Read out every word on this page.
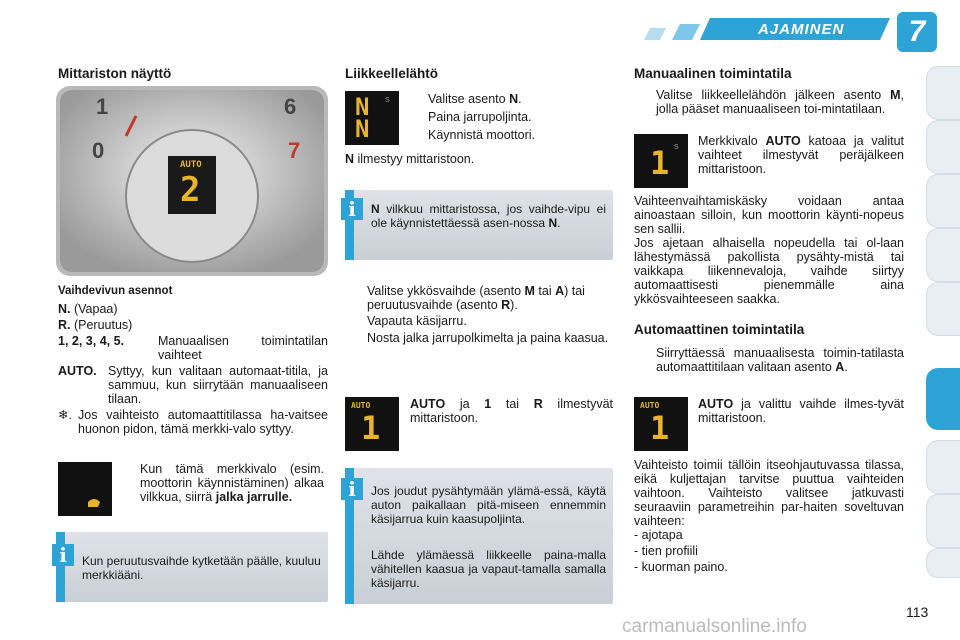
AJAMINEN	7
Mittariston näyttö
1
0
6
7
AUTO
2
Vaihdevivun asennot
N. (Vapaa)
R. (Peruutus)
1, 2, 3, 4, 5.	Manuaalisen toimintatilan vaihteet
AUTO. Syttyy, kun valitaan automaat-titila, ja sammuu, kun siirrytään manuaaliseen tilaan.
❄. Jos vaihteisto automaattitilassa ha-vaitsee huonon pidon, tämä merkki-valo syttyy.
Kun tämä merkkivalo (esim. moottorin käynnistäminen) alkaa vilkkua, siirrä jalka jarrulle.
Kun peruutusvaihde kytketään päälle, kuuluu merkkiääni.
i
Liikkeellelähtö
N
N
S	Valitse asento N.
Paina jarrupoljinta.
Käynnistä moottori.
N ilmestyy mittaristoon.
N vilkkuu mittaristossa, jos vaihde-vipu ei ole käynnistettäessä asen-nossa N.
i
Valitse ykkösvaihde (asento M tai A) tai peruutusvaihde (asento R).
Vapauta käsijarru.
Nosta jalka jarrupolkimelta ja paina kaasua.
AUTO
1
AUTO ja 1 tai R ilmestyvät mittaristoon.
Jos joudut pysähtymään ylämä-essä, käytä auton paikallaan pitä-miseen ennemmin käsijarrua kuin kaasupoljinta.
Lähde ylämäessä liikkeelle paina-malla vähitellen kaasua ja vapaut-tamalla samalla käsijarru.
i
Manuaalinen toimintatila
Valitse liikkeellelähdön jälkeen asento M, jolla pääset manuaaliseen toi-mintatilaan.
1 S Merkkivalo AUTO katoaa ja valitut vaihteet ilmestyvät peräjälkeen mittaristoon.
Vaihteenvaihtamiskäsky voidaan antaa ainoastaan silloin, kun moottorin käynti-nopeus sen sallii.
Jos ajetaan alhaisella nopeudella tai ol-laan lähestymässä pakollista pysähty-mistä tai vaikkapa liikennevaloja, vaihde siirtyy automaattisesti pienemmälle aina ykkösvaihteeseen saakka.
Automaattinen toimintatila
Siirryttäessä manuaalisesta toimin-tatilasta automaattitilaan valitaan asento A.
AUTO
1
AUTO ja valittu vaihde ilmes-tyvät mittaristoon.
Vaihteisto toimii tällöin itseohjautuvassa tilassa, eikä kuljettajan tarvitse puuttua vaihteiden vaihtoon. Vaihteisto valitsee jatkuvasti seuraaviin parametreihin par-haiten soveltuvan vaihteen:
- ajotapa
- tien profiili
- kuorman paino.
113
carmanualsonline.info
